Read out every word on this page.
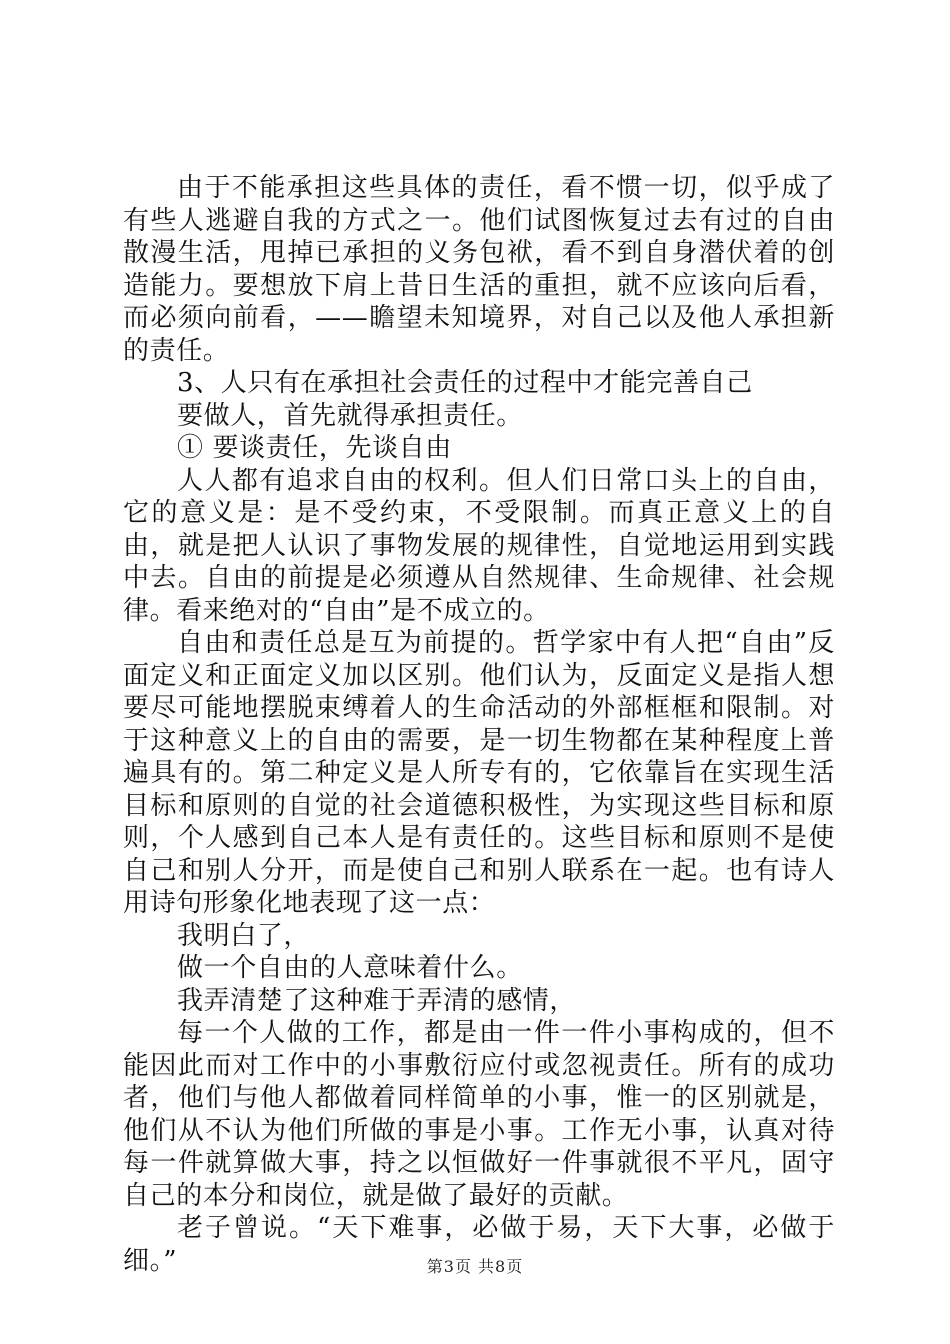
由于不能承担这些具体的责任，看不惯一切，似乎成了有些人逃避自我的方式之一。他们试图恢复过去有过的自由散漫生活，甩掉已承担的义务包袱，看不到自身潜伏着的创造能力。要想放下肩上昔日生活的重担，就不应该向后看，而必须向前看，——瞻望未知境界，对自己以及他人承担新的责任。

3、人只有在承担社会责任的过程中才能完善自己

要做人，首先就得承担责任。

① 要谈责任，先谈自由

人人都有追求自由的权利。但人们日常口头上的自由，它的意义是：是不受约束，不受限制。而真正意义上的自由，就是把人认识了事物发展的规律性，自觉地运用到实践中去。自由的前提是必须遵从自然规律、生命规律、社会规律。看来绝对的“自由”是不成立的。

自由和责任总是互为前提的。哲学家中有人把“自由”反面定义和正面定义加以区别。他们认为，反面定义是指人想要尽可能地摆脱束缚着人的生命活动的外部框框和限制。对于这种意义上的自由的需要，是一切生物都在某种程度上普遍具有的。第二种定义是人所专有的，它依靠旨在实现生活目标和原则的自觉的社会道德积极性，为实现这些目标和原则，个人感到自己本人是有责任的。这些目标和原则不是使自己和别人分开，而是使自己和别人联系在一起。也有诗人用诗句形象化地表现了这一点：

我明白了，

做一个自由的人意味着什么。

我弄清楚了这种难于弄清的感情，

每一个人做的工作，都是由一件一件小事构成的，但不能因此而对工作中的小事敷衍应付或忽视责任。所有的成功者，他们与他人都做着同样简单的小事，惟一的区别就是，他们从不认为他们所做的事是小事。工作无小事，认真对待每一件就算做大事，持之以恒做好一件事就很不平凡，固守自己的本分和岗位，就是做了最好的贡献。

老子曾说。“天下难事，必做于易，天下大事，必做于细。”	第3页 共8页
